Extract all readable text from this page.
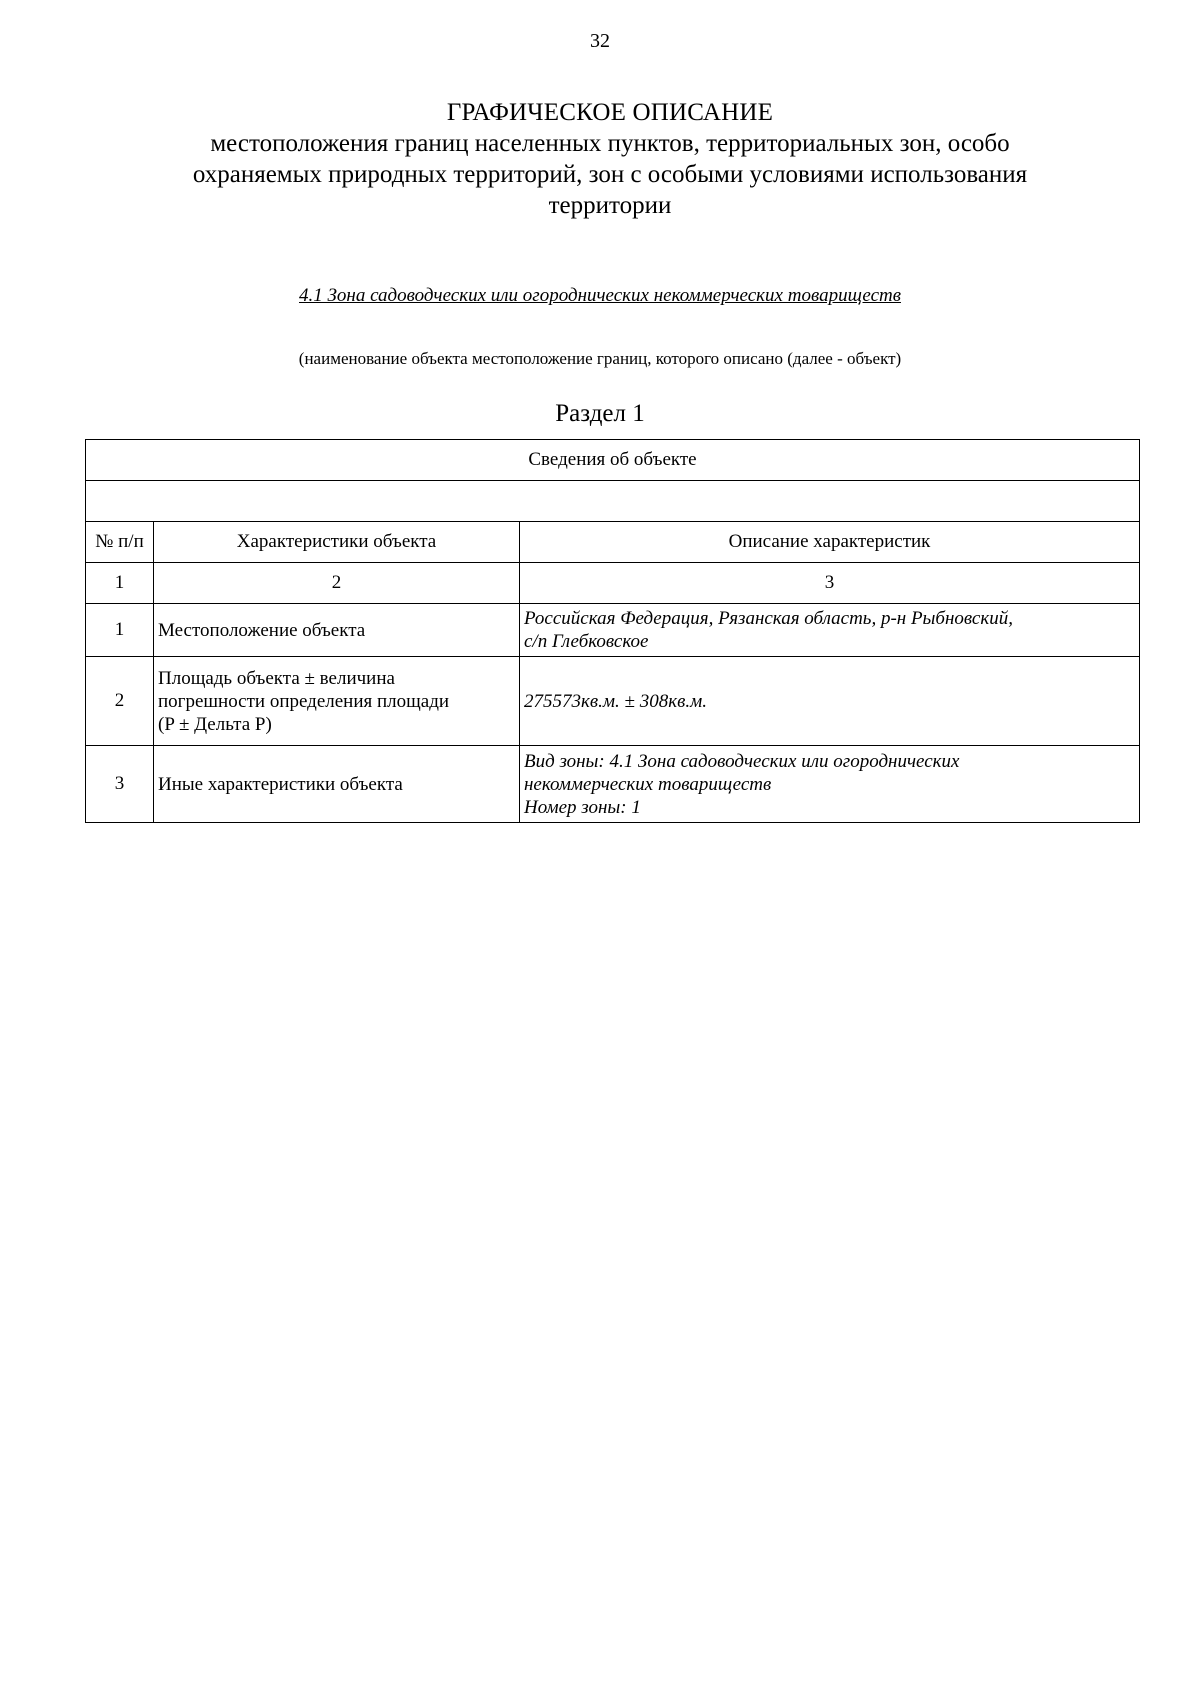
32
ГРАФИЧЕСКОЕ ОПИСАНИЕ
местоположения границ населенных пунктов, территориальных зон, особо
охраняемых природных территорий, зон с особыми условиями использования
территории
4.1 Зона садоводческих или огороднических некоммерческих товариществ
(наименование объекта местоположение границ, которого описано (далее - объект)
Раздел 1
Сведения об объекте		

№ п/п	Характеристики объекта	Описание характеристик
1	2	3
1	Местоположение объекта	Российская Федерация, Рязанская область, р-н Рыбновский,
с/п Глебковское

2	Площадь объекта ± величина
погрешности определения площади
(P ± Дельта P)	275573кв.м. ± 308кв.м.

3	Иные характеристики объекта	Вид зоны: 4.1 Зона садоводческих или огороднических
некоммерческих товариществ
Номер зоны: 1
